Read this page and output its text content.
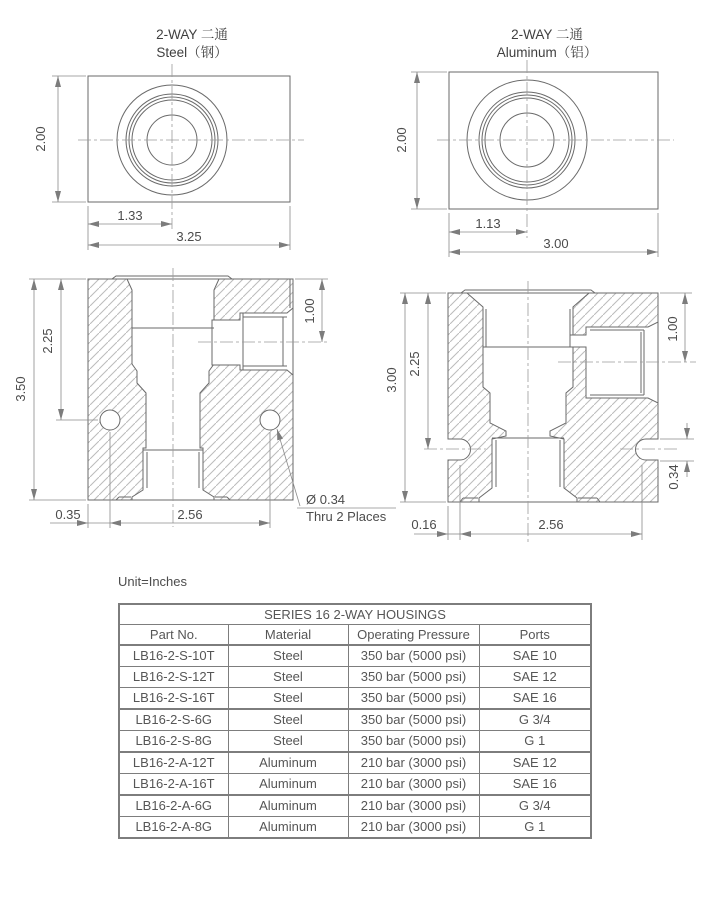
2-WAY 二通
Steel（钢）
2.00
1.33
3.25
2-WAY 二通
Aluminum（铝）
2.00
1.13
3.00
3.50
2.25
1.00
0.35	2.56
Ø 0.34
Thru 2 Places
3.00
2.25
1.00
0.34
0.16	2.56
Unit=Inches
SERIES 16 2-WAY HOUSINGS			
Part No.	Material	Operating Pressure	Ports
LB16-2-S-10T	Steel	350 bar (5000 psi)	SAE 10
LB16-2-S-12T	Steel	350 bar (5000 psi)	SAE 12
LB16-2-S-16T	Steel	350 bar (5000 psi)	SAE 16
LB16-2-S-6G	Steel	350 bar (5000 psi)	G 3/4
LB16-2-S-8G	Steel	350 bar (5000 psi)	G 1
LB16-2-A-12T	Aluminum	210 bar (3000 psi)	SAE 12
LB16-2-A-16T	Aluminum	210 bar (3000 psi)	SAE 16
LB16-2-A-6G	Aluminum	210 bar (3000 psi)	G 3/4
LB16-2-A-8G	Aluminum	210 bar (3000 psi)	G 1
